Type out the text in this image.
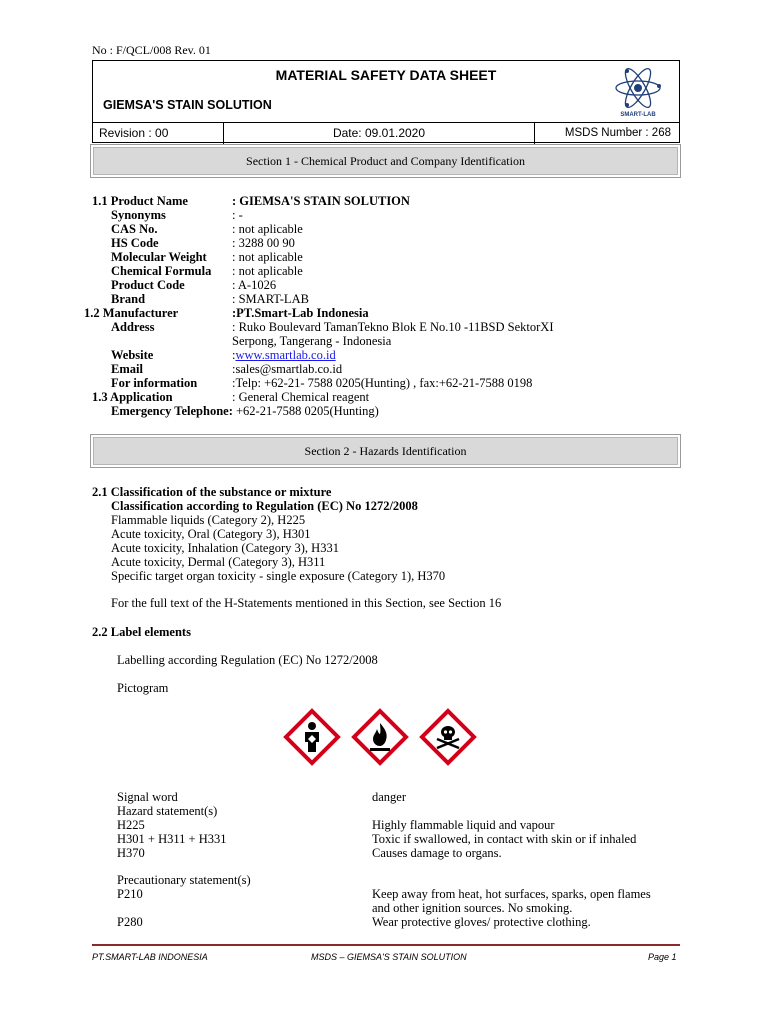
No : F/QCL/008 Rev. 01
MATERIAL SAFETY DATA SHEET
GIEMSA'S STAIN SOLUTION
SMART-LAB
Revision : 00	Date: 09.01.2020	MSDS Number : 268
Section 1 - Chemical Product and Company Identification
1.1 Product Name	: GIEMSA'S STAIN SOLUTION
Synonyms	: -
CAS No.	: not aplicable
HS Code	: 3288 00 90
Molecular Weight : not aplicable
Chemical Formula : not aplicable
Product Code	: A-1026
Brand	: SMART-LAB
1.2 Manufacturer	:PT.Smart-Lab Indonesia
Address	: Ruko Boulevard TamanTekno Blok E No.10 -11BSD SektorXI
Serpong, Tangerang - Indonesia
Website	:www.smartlab.co.id
Email	:sales@smartlab.co.id
For information	:Telp: +62-21- 7588 0205(Hunting) , fax:+62-21-7588 0198
1.3 Application	: General Chemical reagent
Emergency Telephone: +62-21-7588 0205(Hunting)
Section 2 - Hazards Identification
2.1 Classification of the substance or mixture
Classification according to Regulation (EC) No 1272/2008
Flammable liquids (Category 2), H225
Acute toxicity, Oral (Category 3), H301
Acute toxicity, Inhalation (Category 3), H331
Acute toxicity, Dermal (Category 3), H311
Specific target organ toxicity - single exposure (Category 1), H370
For the full text of the H-Statements mentioned in this Section, see Section 16
2.2 Label elements
Labelling according Regulation (EC) No 1272/2008
Pictogram
Signal word	danger
Hazard statement(s)
H225	Highly flammable liquid and vapour
H301 + H311 + H331	Toxic if swallowed, in contact with skin or if inhaled
H370	Causes damage to organs.
Precautionary statement(s)
P210	Keep away from heat, hot surfaces, sparks, open flames
and other ignition sources. No smoking.
P280	Wear protective gloves/ protective clothing.
PT.SMART-LAB INDONESIA	MSDS – GIEMSA'S STAIN SOLUTION	Page 1
